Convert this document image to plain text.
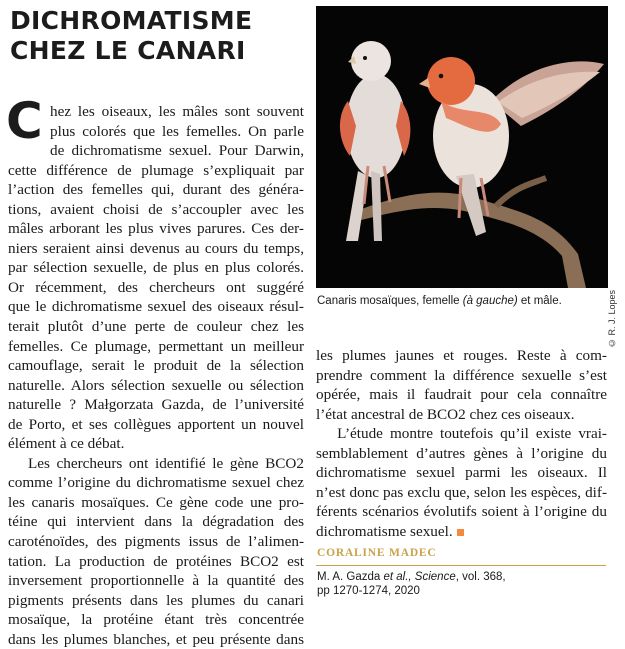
DICHROMATISME
CHEZ LE CANARI
C hez les oiseaux, les mâles sont souvent
plus colorés que les femelles. On parle
de dichromatisme sexuel. Pour Darwin,
cette différence de plumage s’expliquait par
l’action des femelles qui, durant des généra-
tions, avaient choisi de s’accoupler avec les
mâles arborant les plus vives parures. Ces der-
niers seraient ainsi devenus au cours du temps,
par sélection sexuelle, de plus en plus colorés.
Or récemment, des chercheurs ont suggéré
que le dichromatisme sexuel des oiseaux résul-
terait plutôt d’une perte de couleur chez les
femelles. Ce plumage, permettant un meilleur
camouflage, serait le produit de la sélection
naturelle. Alors sélection sexuelle ou sélection
naturelle ? Małgorzata Gazda, de l’université
de Porto, et ses collègues apportent un nouvel
élément à ce débat.
Les chercheurs ont identifié le gène BCO2
comme l’origine du dichromatisme sexuel chez
les canaris mosaïques. Ce gène code une pro-
téine qui intervient dans la dégradation des
caroténoïdes, des pigments issus de l’alimen-
tation. La production de protéines BCO2 est
inversement proportionnelle à la quantité des
pigments présents dans les plumes du canari
mosaïque, la protéine étant très concentrée
dans les plumes blanches, et peu présente dans
© R. J. Lopes
Canaris mosaïques, femelle (à gauche) et mâle.
les plumes jaunes et rouges. Reste à com-
prendre comment la différence sexuelle s’est
opérée, mais il faudrait pour cela connaître
l’état ancestral de BCO2 chez ces oiseaux.
L’étude montre toutefois qu’il existe vrai-
semblablement d’autres gènes à l’origine du
dichromatisme sexuel parmi les oiseaux. Il
n’est donc pas exclu que, selon les espèces, dif-
férents scénarios évolutifs soient à l’origine du
dichromatisme sexuel.
CORALINE MADEC
M. A. Gazda et al., Science, vol. 368,
pp 1270-1274, 2020
